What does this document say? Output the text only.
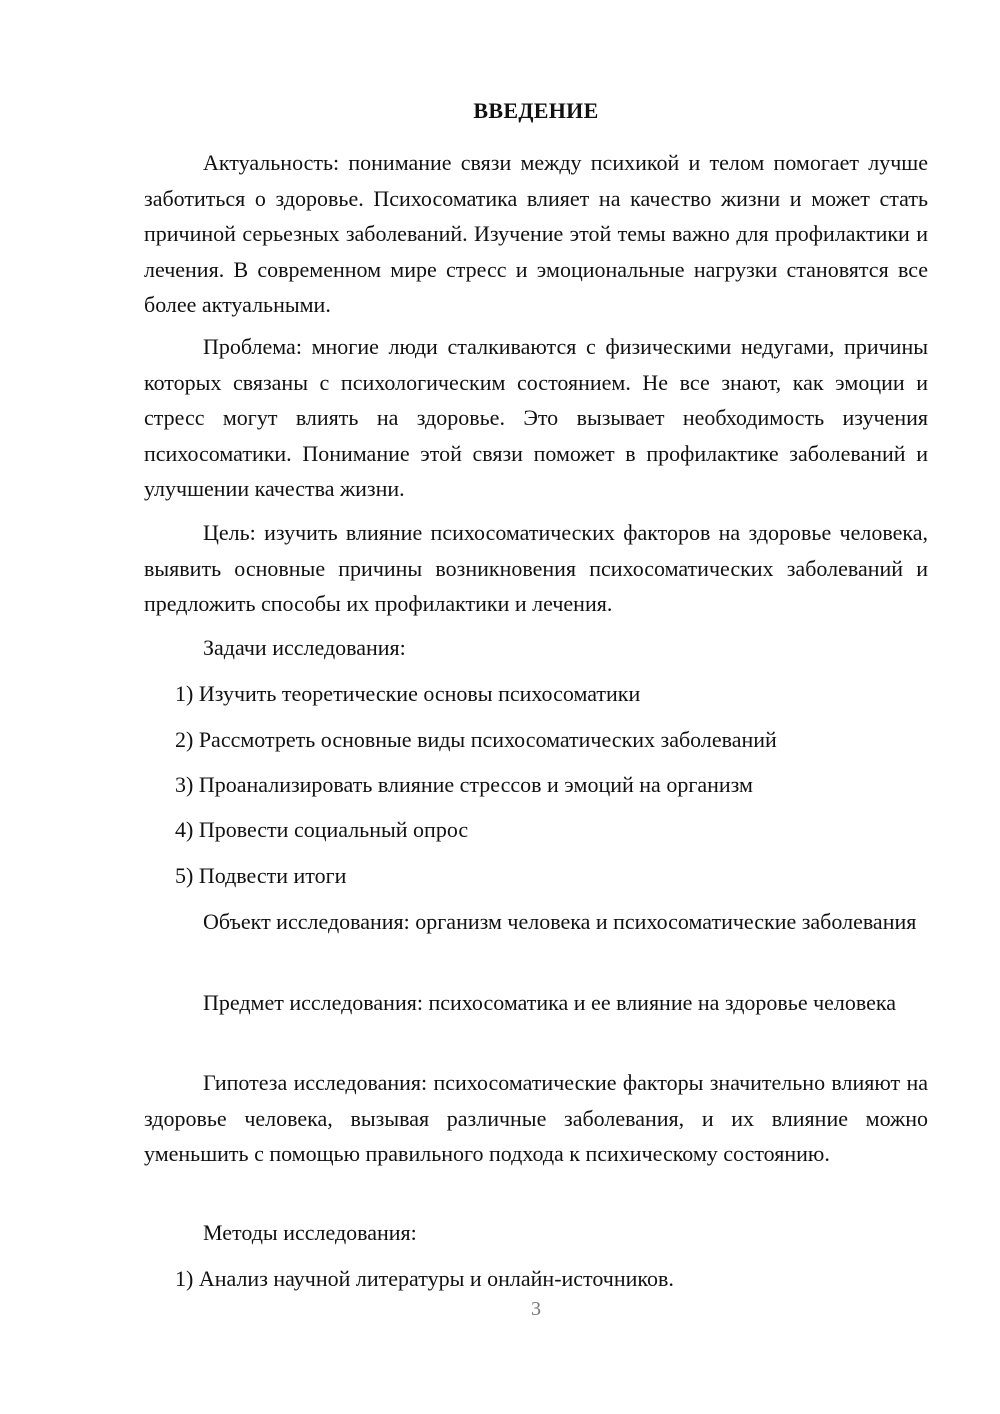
ВВЕДЕНИЕ

Актуальность: понимание связи между психикой и телом помогает лучше заботиться о здоровье. Психосоматика влияет на качество жизни и может стать причиной серьезных заболеваний. Изучение этой темы важно для профилактики и лечения. В современном мире стресс и эмоциональные нагрузки становятся все более актуальными.

Проблема: многие люди сталкиваются с физическими недугами, причины которых связаны с психологическим состоянием. Не все знают, как эмоции и стресс могут влиять на здоровье. Это вызывает необходимость изучения психосоматики. Понимание этой связи поможет в профилактике заболеваний и улучшении качества жизни.

Цель: изучить влияние психосоматических факторов на здоровье человека, выявить основные причины возникновения психосоматических заболеваний и предложить способы их профилактики и лечения.

Задачи исследования:

1) Изучить теоретические основы психосоматики

2) Рассмотреть основные виды психосоматических заболеваний

3) Проанализировать влияние стрессов и эмоций на организм

4) Провести социальный опрос

5) Подвести итоги

Объект исследования: организм человека и психосоматические заболевания

Предмет исследования: психосоматика и ее влияние на здоровье человека

Гипотеза исследования: психосоматические факторы значительно влияют на здоровье человека, вызывая различные заболевания, и их влияние можно уменьшить с помощью правильного подхода к психическому состоянию.

Методы исследования:

1) Анализ научной литературы и онлайн-источников.

3
